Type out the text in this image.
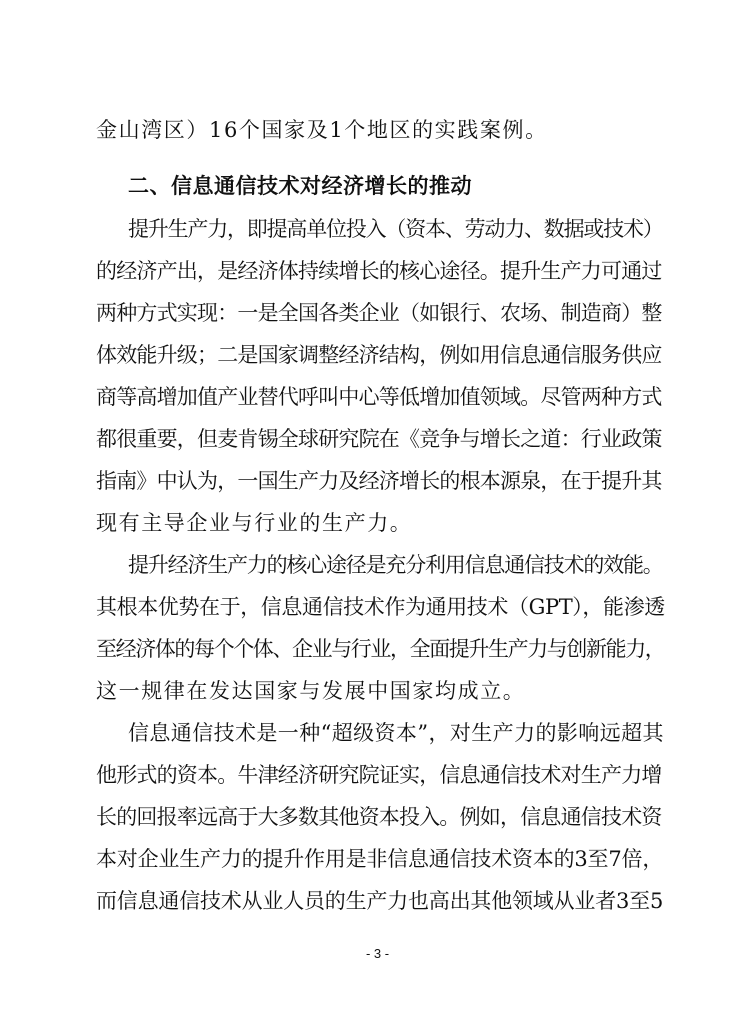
金山湾区）16个国家及1个地区的实践案例。
二、信息通信技术对经济增长的推动
提升生产力，即提高单位投入（资本、劳动力、数据或技术）
的经济产出，是经济体持续增长的核心途径。提升生产力可通过
两种方式实现：一是全国各类企业（如银行、农场、制造商）整
体效能升级；二是国家调整经济结构，例如用信息通信服务供应
商等高增加值产业替代呼叫中心等低增加值领域。尽管两种方式
都很重要，但麦肯锡全球研究院在《竞争与增长之道：行业政策
指南》中认为，一国生产力及经济增长的根本源泉，在于提升其
现有主导企业与行业的生产力。
提升经济生产力的核心途径是充分利用信息通信技术的效能。
其根本优势在于，信息通信技术作为通用技术（GPT），能渗透
至经济体的每个个体、企业与行业，全面提升生产力与创新能力，
这一规律在发达国家与发展中国家均成立。
信息通信技术是一种“超级资本”，对生产力的影响远超其
他形式的资本。牛津经济研究院证实，信息通信技术对生产力增
长的回报率远高于大多数其他资本投入。例如，信息通信技术资
本对企业生产力的提升作用是非信息通信技术资本的3至7倍，
而信息通信技术从业人员的生产力也高出其他领域从业者3至5
- 3 -
